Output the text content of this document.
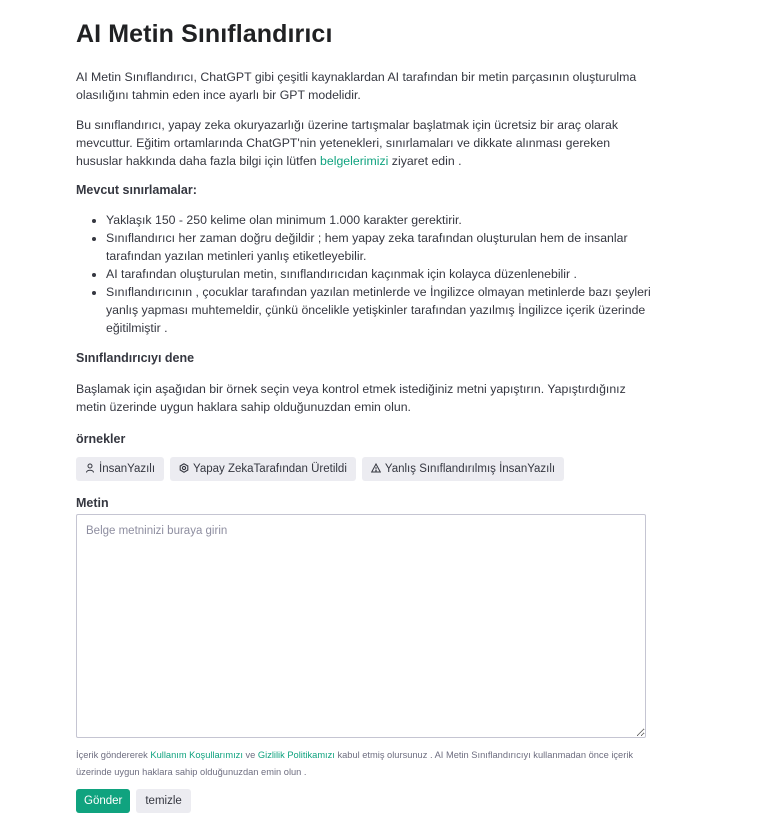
AI Metin Sınıflandırıcı

AI Metin Sınıflandırıcı, ChatGPT gibi çeşitli kaynaklardan AI tarafından bir metin parçasının oluşturulma olasılığını tahmin eden ince ayarlı bir GPT modelidir.

Bu sınıflandırıcı, yapay zeka okuryazarlığı üzerine tartışmalar başlatmak için ücretsiz bir araç olarak mevcuttur. Eğitim ortamlarında ChatGPT'nin yetenekleri, sınırlamaları ve dikkate alınması gereken hususlar hakkında daha fazla bilgi için lütfen belgelerimizi ziyaret edin .

Mevcut sınırlamalar:

• Yaklaşık 150 - 250 kelime olan minimum 1.000 karakter gerektirir.
• Sınıflandırıcı her zaman doğru değildir ; hem yapay zeka tarafından oluşturulan hem de insanlar tarafından yazılan metinleri yanlış etiketleyebilir.
• AI tarafından oluşturulan metin, sınıflandırıcıdan kaçınmak için kolayca düzenlenebilir .
• Sınıflandırıcının , çocuklar tarafından yazılan metinlerde ve İngilizce olmayan metinlerde bazı şeyleri yanlış yapması muhtemeldir, çünkü öncelikle yetişkinler tarafından yazılmış İngilizce içerik üzerinde eğitilmiştir .

Sınıflandırıcıyı dene

Başlamak için aşağıdan bir örnek seçin veya kontrol etmek istediğiniz metni yapıştırın. Yapıştırdığınız metin üzerinde uygun haklara sahip olduğunuzdan emin olun.

örnekler

İnsanYazılı	Yapay ZekaTarafından Üretildi	Yanlış Sınıflandırılmış İnsanYazılı

Metin

Belge metninizi buraya girin
İçerik göndererek Kullanım Koşullarımızı ve Gizlilik Politikamızı kabul etmiş olursunuz . AI Metin Sınıflandırıcıyı kullanmadan önce içerik üzerinde uygun haklara sahip olduğunuzdan emin olun .
Gönder	temizle
